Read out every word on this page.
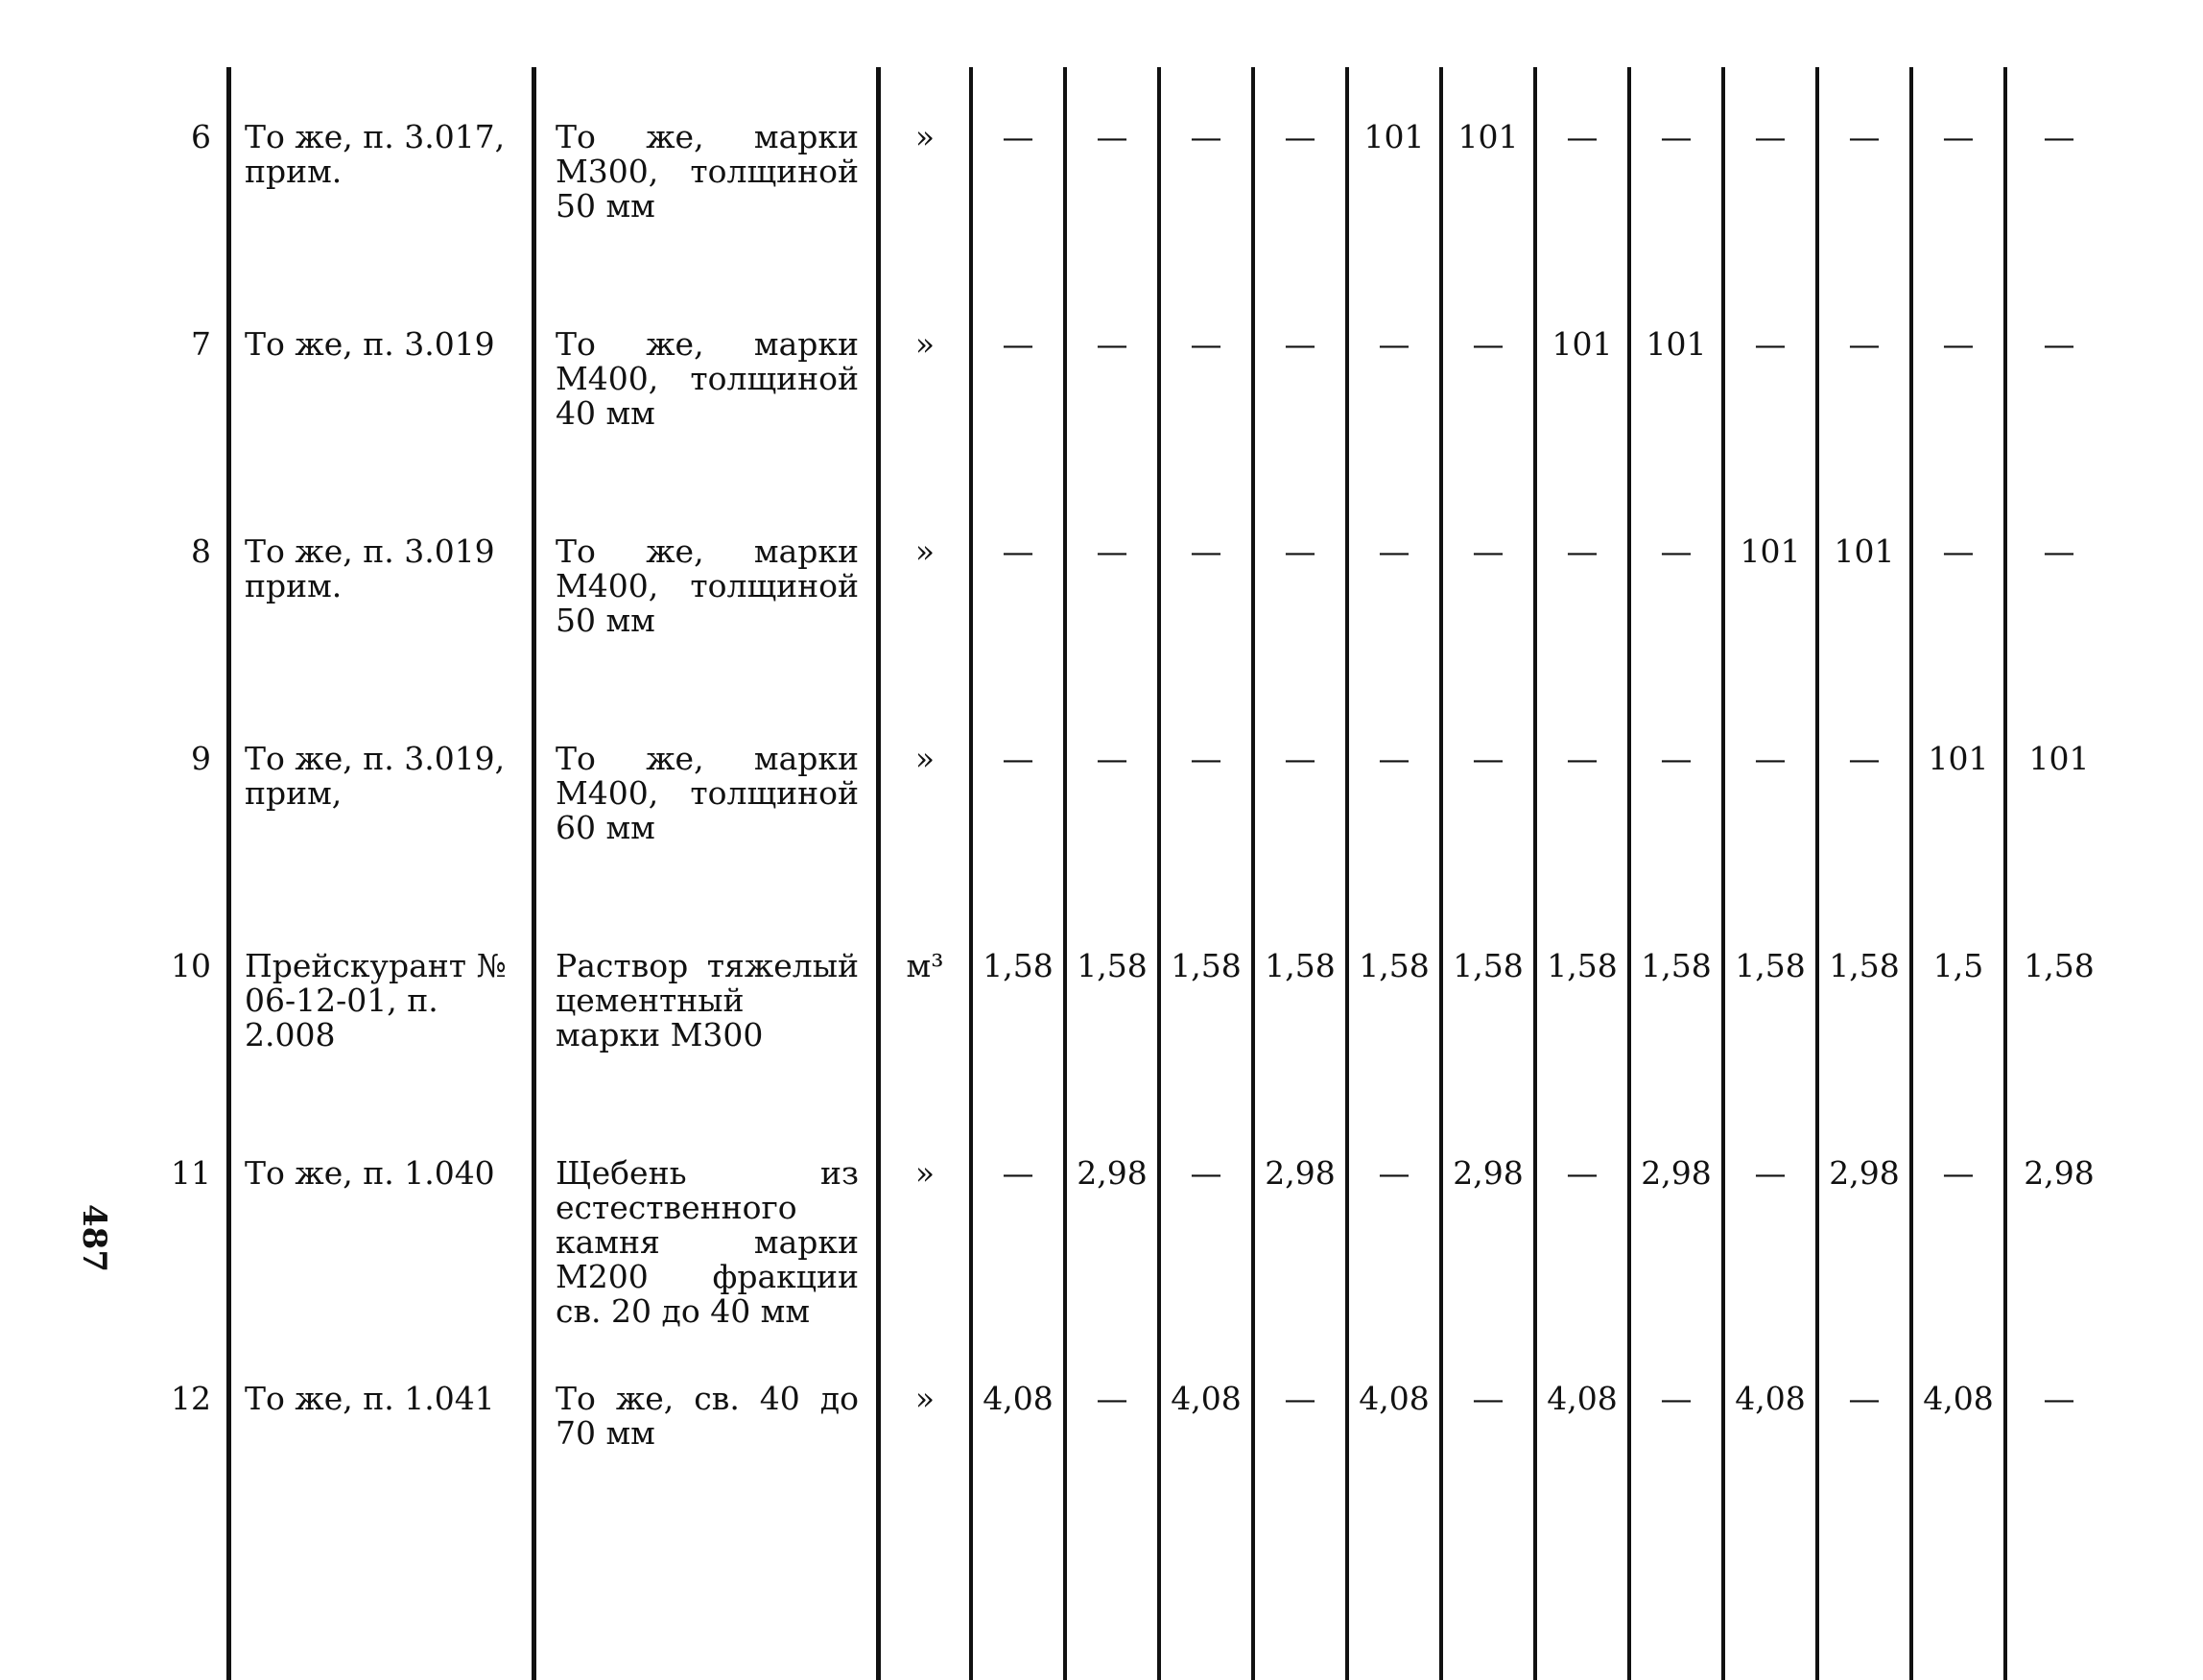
6	То же, п. 3.017, прим.	То же, марки М300, толщиной 50 мм	»	—	—	—	—	101	101	—	—	—	—	—	—
7	То же, п. 3.019	То же, марки М400, толщиной 40 мм	»	—	—	—	—	—	—	101	101	—	—	—	—
8	То же, п. 3.019 прим.	То же, марки М400, толщиной 50 мм	»	—	—	—	—	—	—	—	—	101	101	—	—
9	То же, п. 3.019, прим,	То же, марки М400, толщиной 60 мм	»	—	—	—	—	—	—	—	—	—	—	101	101
10	Прейскурант № 06-12-01, п. 2.008	Раствор тяжелый цементный марки М300	м³	1,58	1,58	1,58	1,58	1,58	1,58	1,58	1,58	1,58	1,58	1,5	1,58
11	То же, п. 1.040	Щебень из естественного камня марки М200 фракции св. 20 до 40 мм	»	—	2,98	—	2,98	—	2,98	—	2,98	—	2,98	—	2,98
12	То же, п. 1.041	То же, св. 40 до 70 мм	»	4,08	—	4,08	—	4,08	—	4,08	—	4,08	—	4,08	—

487
